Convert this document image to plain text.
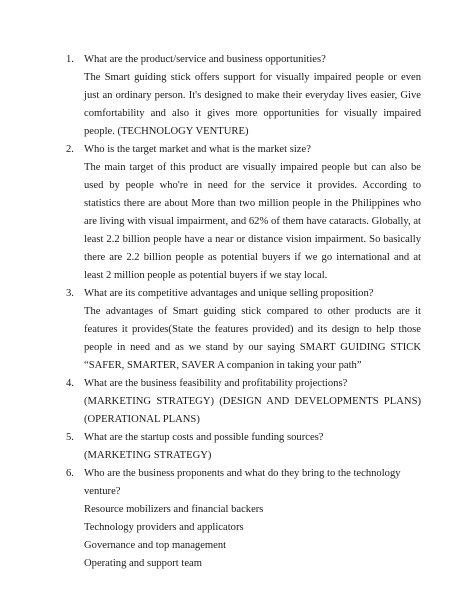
1. What are the product/service and business opportunities?
The Smart guiding stick offers support for visually impaired people or even just an ordinary person. It's designed to make their everyday lives easier, Give comfortability and also it gives more opportunities for visually impaired people. (TECHNOLOGY VENTURE)
2. Who is the target market and what is the market size?
The main target of this product are visually impaired people but can also be used by people who're in need for the service it provides. According to statistics there are about More than two million people in the Philippines who are living with visual impairment, and 62% of them have cataracts. Globally, at least 2.2 billion people have a near or distance vision impairment. So basically there are 2.2 billion people as potential buyers if we go international and at least 2 million people as potential buyers if we stay local.
3. What are its competitive advantages and unique selling proposition?
The advantages of Smart guiding stick compared to other products are it features it provides(State the features provided) and its design to help those people in need and as we stand by our saying SMART GUIDING STICK “SAFER, SMARTER, SAVER A companion in taking your path”
4. What are the business feasibility and profitability projections?
(MARKETING STRATEGY) (DESIGN AND DEVELOPMENTS PLANS) (OPERATIONAL PLANS)
5. What are the startup costs and possible funding sources?
(MARKETING STRATEGY)
6. Who are the business proponents and what do they bring to the technology venture?
Resource mobilizers and financial backers
Technology providers and applicators
Governance and top management
Operating and support team
